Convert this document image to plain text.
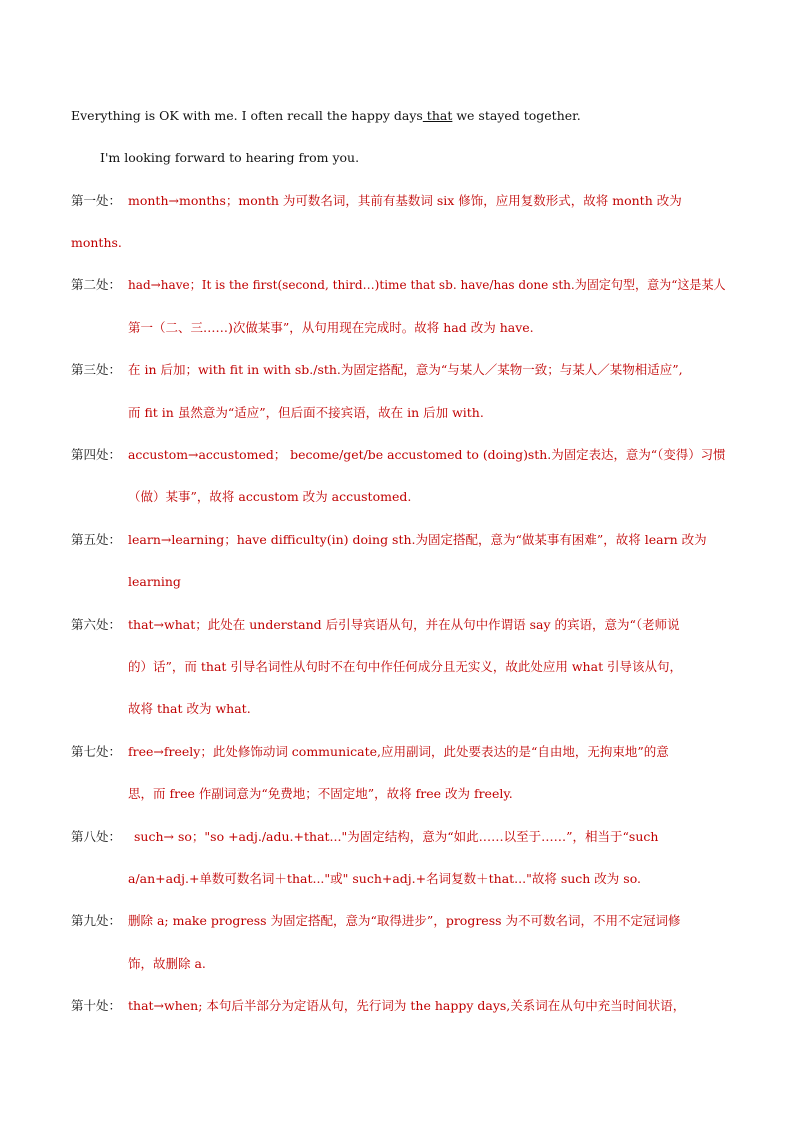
Everything is OK with me. I often recall the happy days that we stayed together.
I'm looking forward to hearing from you.
第一处： month→months；month 为可数名词，其前有基数词 six 修饰，应用复数形式，故将 month 改为
months.
第二处： had→have；It is the first(second, third…)time that sb. have/has done sth.为固定句型，意为“这是某人
第一（二、三……)次做某事”，从句用现在完成时。故将 had 改为 have.
第三处： 在 in 后加；with fit in with sb./sth.为固定搭配，意为“与某人／某物一致；与某人／某物相适应”,
而 fit in 虽然意为“适应”，但后面不接宾语，故在 in 后加 with.
第四处： accustom→accustomed； become/get/be accustomed to (doing)sth.为固定表达，意为“（变得）习惯
（做）某事”，故将 accustom 改为 accustomed.
第五处： learn→learning；have difficulty(in) doing sth.为固定搭配，意为“做某事有困难”，故将 learn 改为
learning
第六处： that→what；此处在 understand 后引导宾语从句，并在从句中作谓语 say 的宾语，意为“（老师说
的）话”，而 that 引导名词性从句时不在句中作任何成分且无实义，故此处应用 what 引导该从句，
故将 that 改为 what.
第七处： free→freely；此处修饰动词 communicate,应用副词，此处要表达的是“自由地，无拘束地”的意
思，而 free 作副词意为“免费地；不固定地”，故将 free 改为 freely.
第八处： such→ so；"so +adj./adu.+that..."为固定结构，意为“如此……以至于……”，相当于“such
a/an+adj.+单数可数名词＋that..."或" such+adj.+名词复数＋that..."故将 such 改为 so.
第九处： 删除 a; make progress 为固定搭配，意为“取得进步”，progress 为不可数名词，不用不定冠词修
饰，故删除 a.
第十处： that→when; 本句后半部分为定语从句，先行词为 the happy days,关系词在从句中充当时间状语，
